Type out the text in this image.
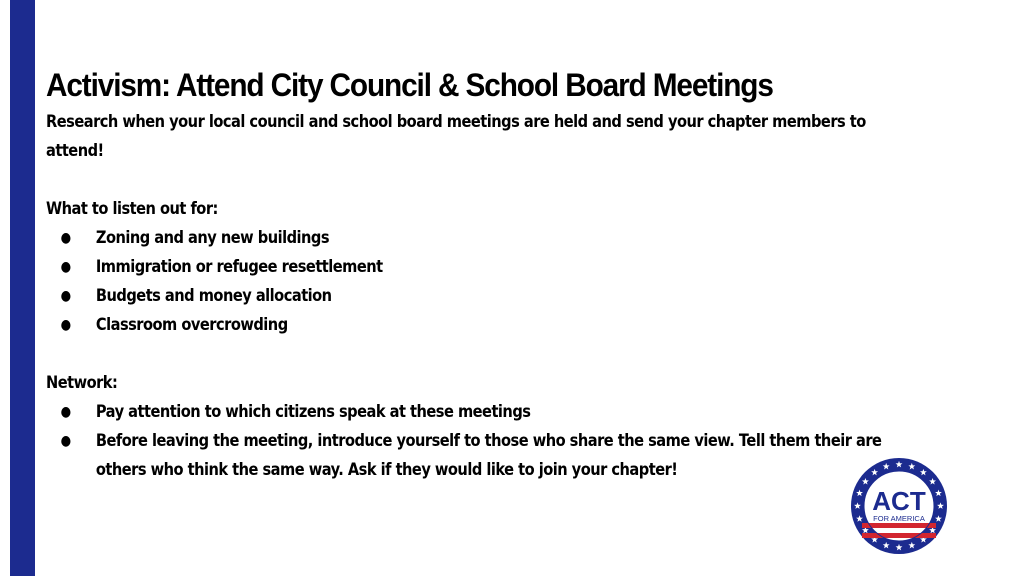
Activism: Attend City Council & School Board Meetings

Research when your local council and school board meetings are held and send your chapter members to

attend!

What to listen out for:

● Zoning and any new buildings
● Immigration or refugee resettlement
● Budgets and money allocation
● Classroom overcrowding

Network:

● Pay attention to which citizens speak at these meetings
● Before leaving the meeting, introduce yourself to those who share the same view. Tell them their are
others who think the same way. Ask if they would like to join your chapter!
ACT
FOR AMERICA
